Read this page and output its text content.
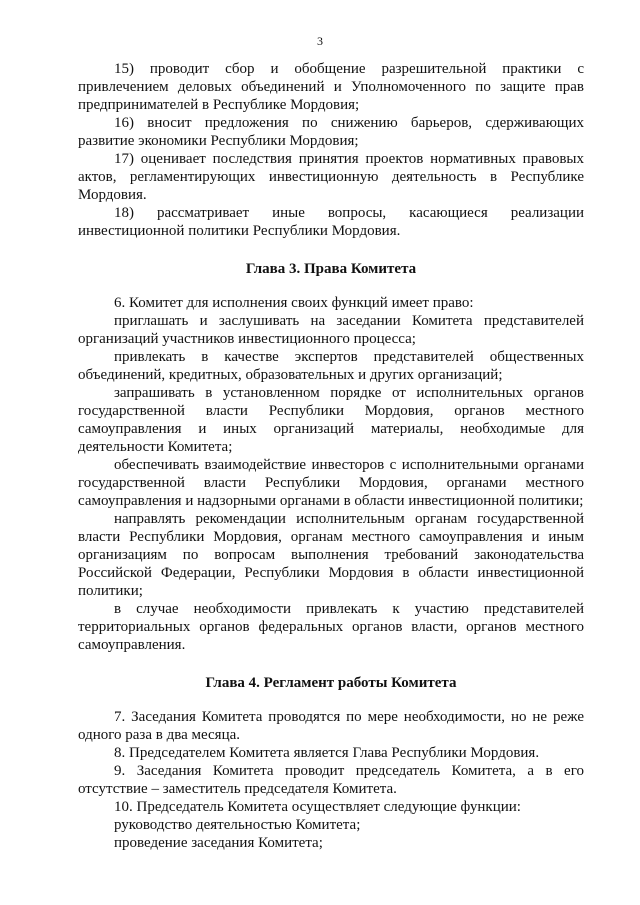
3

15) проводит сбор и обобщение разрешительной практики с привлечением деловых объединений и Уполномоченного по защите прав предпринимателей в Республике Мордовия;

16) вносит предложения по снижению барьеров, сдерживающих развитие экономики Республики Мордовия;

17) оценивает последствия принятия проектов нормативных правовых актов, регламентирующих инвестиционную деятельность в Республике Мордовия.

18) рассматривает иные вопросы, касающиеся реализации инвестиционной политики Республики Мордовия.

Глава 3. Права Комитета

6. Комитет для исполнения своих функций имеет право:

приглашать и заслушивать на заседании Комитета представителей организаций участников инвестиционного процесса;

привлекать в качестве экспертов представителей общественных объединений, кредитных, образовательных и других организаций;

запрашивать в установленном порядке от исполнительных органов государственной власти Республики Мордовия, органов местного самоуправления и иных организаций материалы, необходимые для деятельности Комитета;

обеспечивать взаимодействие инвесторов с исполнительными органами государственной власти Республики Мордовия, органами местного самоуправления и надзорными органами в области инвестиционной политики;

направлять рекомендации исполнительным органам государственной власти Республики Мордовия, органам местного самоуправления и иным организациям по вопросам выполнения требований законодательства Российской Федерации, Республики Мордовия в области инвестиционной политики;

в случае необходимости привлекать к участию представителей территориальных органов федеральных органов власти, органов местного самоуправления.

Глава 4. Регламент работы Комитета

7. Заседания Комитета проводятся по мере необходимости, но не реже одного раза в два месяца.

8. Председателем Комитета является Глава Республики Мордовия.

9. Заседания Комитета проводит председатель Комитета, а в его отсутствие – заместитель председателя Комитета.

10. Председатель Комитета осуществляет следующие функции:

руководство деятельностью Комитета;

проведение заседания Комитета;
